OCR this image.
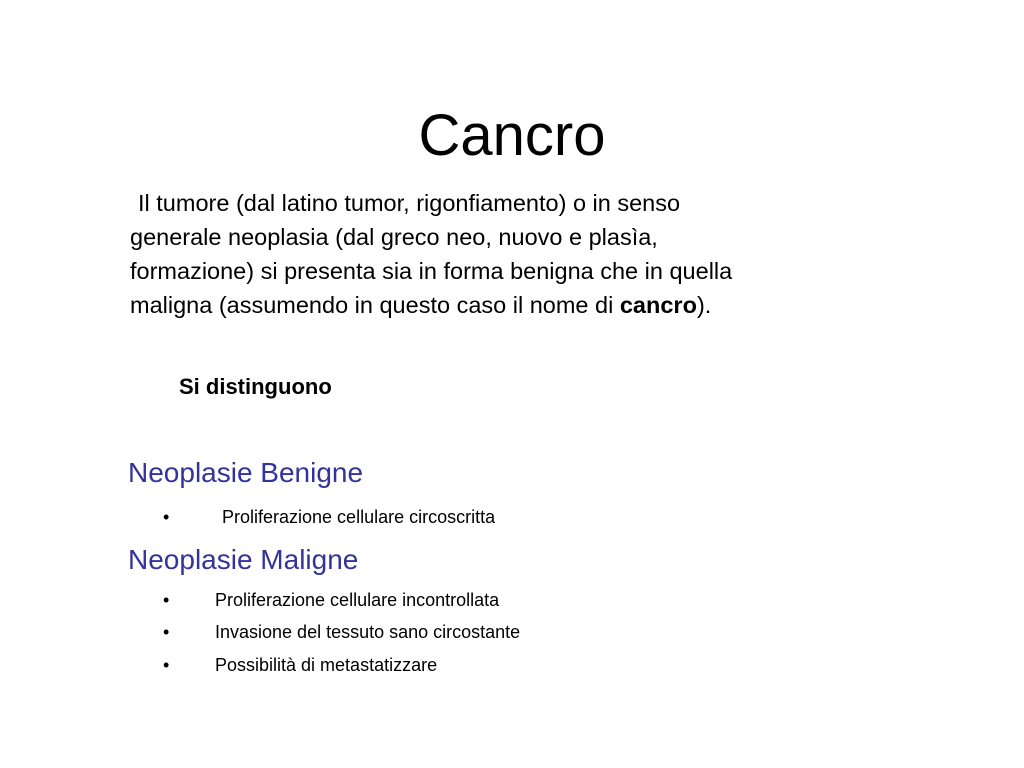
Cancro
Il tumore (dal latino tumor, rigonfiamento) o in senso
generale neoplasia (dal greco neo, nuovo e plasìa,
formazione) si presenta sia in forma benigna che in quella
maligna (assumendo in questo caso il nome di cancro).
Si distinguono
Neoplasie Benigne
•	Proliferazione cellulare circoscritta
Neoplasie Maligne
•	Proliferazione cellulare incontrollata
•	Invasione del tessuto sano circostante
•	Possibilità di metastatizzare
